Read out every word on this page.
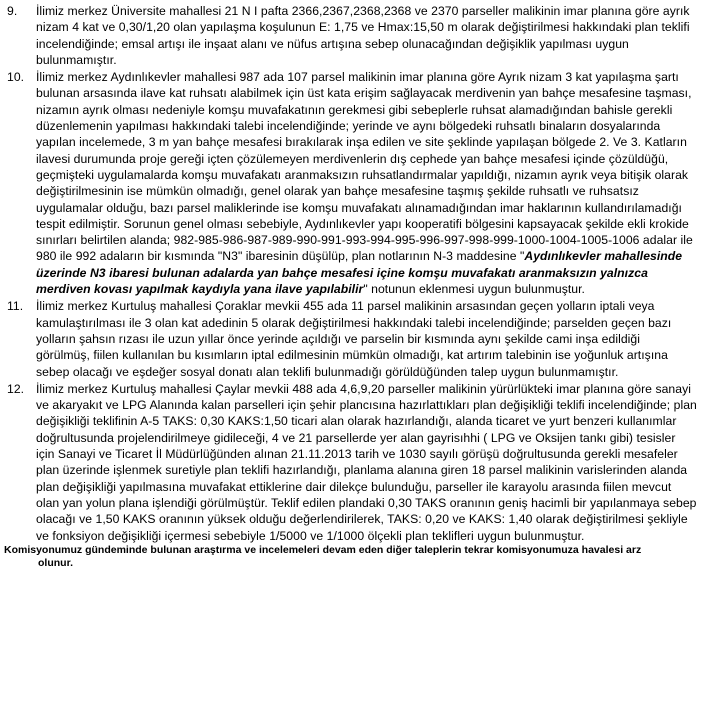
9. İlimiz merkez Üniversite mahallesi 21 N I pafta 2366,2367,2368,2368 ve 2370 parseller malikinin imar planına göre ayrık nizam 4 kat ve 0,30/1,20 olan yapılaşma koşulunun E: 1,75 ve Hmax:15,50 m olarak değiştirilmesi hakkındaki plan teklifi incelendiğinde; emsal artışı ile inşaat alanı ve nüfus artışına sebep olunacağından değişiklik yapılması uygun bulunmamıştır.
10. İlimiz merkez Aydınlıkevler mahallesi 987 ada 107 parsel malikinin imar planına göre Ayrık nizam 3 kat yapılaşma şartı bulunan arsasında ilave kat ruhsatı alabilmek için üst kata erişim sağlayacak merdivenin yan bahçe mesafesine taşması, nizamın ayrık olması nedeniyle komşu muvafakatının gerekmesi gibi sebeplerle ruhsat alamadığından bahisle gerekli düzenlemenin yapılması hakkındaki talebi incelendiğinde; yerinde ve aynı bölgedeki ruhsatlı binaların dosyalarında yapılan incelemede, 3 m yan bahçe mesafesi bırakılarak inşa edilen ve site şeklinde yapılaşan bölgede 2. Ve 3. Katların ilavesi durumunda proje gereği içten çözülemeyen merdivenlerin dış cephede yan bahçe mesafesi içinde çözüldüğü, geçmişteki uygulamalarda komşu muvafakatı aranmaksızın ruhsatlandırmalar yapıldığı, nizamın ayrık veya bitişik olarak değiştirilmesinin ise mümkün olmadığı, genel olarak yan bahçe mesafesine taşmış şekilde ruhsatlı ve ruhsatsız uygulamalar olduğu, bazı parsel maliklerinde ise komşu muvafakatı alınamadığından imar haklarının kullandırılamadığı tespit edilmiştir. Sorunun genel olması sebebiyle, Aydınlıkevler yapı kooperatifi bölgesini kapsayacak şekilde ekli krokide sınırları belirtilen alanda; 982-985-986-987-989-990-991-993-994-995-996-997-998-999-1000-1004-1005-1006 adalar ile 980 ile 992 adaların bir kısmında "N3" ibaresinin düşülüp, plan notlarının N-3 maddesine "Aydınlıkevler mahallesinde üzerinde N3 ibaresi bulunan adalarda yan bahçe mesafesi içine komşu muvafakatı aranmaksızın yalnızca merdiven kovası yapılmak kaydıyla yana ilave yapılabilir" notunun eklenmesi uygun bulunmuştur.
11. İlimiz merkez Kurtuluş mahallesi Çoraklar mevkii 455 ada 11 parsel malikinin arsasından geçen yolların iptali veya kamulaştırılması ile 3 olan kat adedinin 5 olarak değiştirilmesi hakkındaki talebi incelendiğinde; parselden geçen bazı yolların şahsın rızası ile uzun yıllar önce yerinde açıldığı ve parselin bir kısmında aynı şekilde cami inşa edildiği görülmüş, fiilen kullanılan bu kısımların iptal edilmesinin mümkün olmadığı, kat artırım talebinin ise yoğunluk artışına sebep olacağı ve eşdeğer sosyal donatı alan teklifi bulunmadığı görüldüğünden talep uygun bulunmamıştır.
12. İlimiz merkez Kurtuluş mahallesi Çaylar mevkii 488 ada 4,6,9,20 parseller malikinin yürürlükteki imar planına göre sanayi ve akaryakıt ve LPG Alanında kalan parselleri için şehir plancısına hazırlattıkları plan değişikliği teklifi incelendiğinde; plan değişikliği teklifinin A-5 TAKS: 0,30 KAKS:1,50 ticari alan olarak hazırlandığı, alanda ticaret ve yurt benzeri kullanımlar doğrultusunda projelendirilmeye gidileceği, 4 ve 21 parsellerde yer alan gayrisıhhi ( LPG ve Oksijen tankı gibi) tesisler için Sanayi ve Ticaret İl Müdürlüğünden alınan 21.11.2013 tarih ve 1030 sayılı görüşü doğrultusunda gerekli mesafeler plan üzerinde işlenmek suretiyle plan teklifi hazırlandığı, planlama alanına giren 18 parsel malikinin varislerinden alanda plan değişikliği yapılmasına muvafakat ettiklerine dair dilekçe bulunduğu, parseller ile karayolu arasında fiilen mevcut olan yan yolun plana işlendiği görülmüştür. Teklif edilen plandaki 0,30 TAKS oranının geniş hacimli bir yapılanmaya sebep olacağı ve 1,50 KAKS oranının yüksek olduğu değerlendirilerek, TAKS: 0,20 ve KAKS: 1,40 olarak değiştirilmesi şekliyle ve fonksiyon değişikliği içermesi sebebiyle 1/5000 ve 1/1000 ölçekli plan teklifleri uygun bulunmuştur.
Komisyonumuz gündeminde bulunan araştırma ve incelemeleri devam eden diğer taleplerin tekrar komisyonumuza havalesi arz
olunur.
